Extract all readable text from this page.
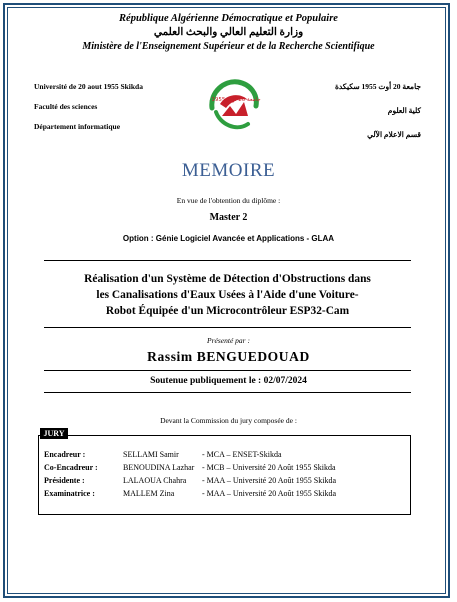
République Algérienne Démocratique et Populaire
وزارة التعليم العالي والبحث العلمي
Ministère de l'Enseignement Supérieur et de la Recherche Scientifique
Université de 20 aout 1955 Skikda
Faculté des sciences
Département informatique
جامعة 20 أوت 1955 سكيكدة
كلية العلوم
قسم الاعلام الآلي
1955 جامعة 20 أوت
MEMOIRE
En vue de l'obtention du diplôme :
Master 2
Option : Génie Logiciel Avancée et Applications - GLAA
Réalisation d'un Système de Détection d'Obstructions dans
les Canalisations d'Eaux Usées à l'Aide d'une Voiture-
Robot Équipée d'un Microcontrôleur ESP32-Cam
Présenté par :
Rassim BENGUEDOUAD
Soutenue publiquement le : 02/07/2024
Devant la Commission du jury composée de :
JURY
Encadreur :	SELLAMI Samir	- MCA – ENSET-Skikda
Co-Encadreur :	BENOUDINA Lazhar - MCB – Université 20 Août 1955 Skikda
Présidente :	LALAOUA Chahra - MAA – Université 20 Août 1955 Skikda
Examinatrice :	MALLEM Zina	- MAA – Université 20 Août 1955 Skikda
